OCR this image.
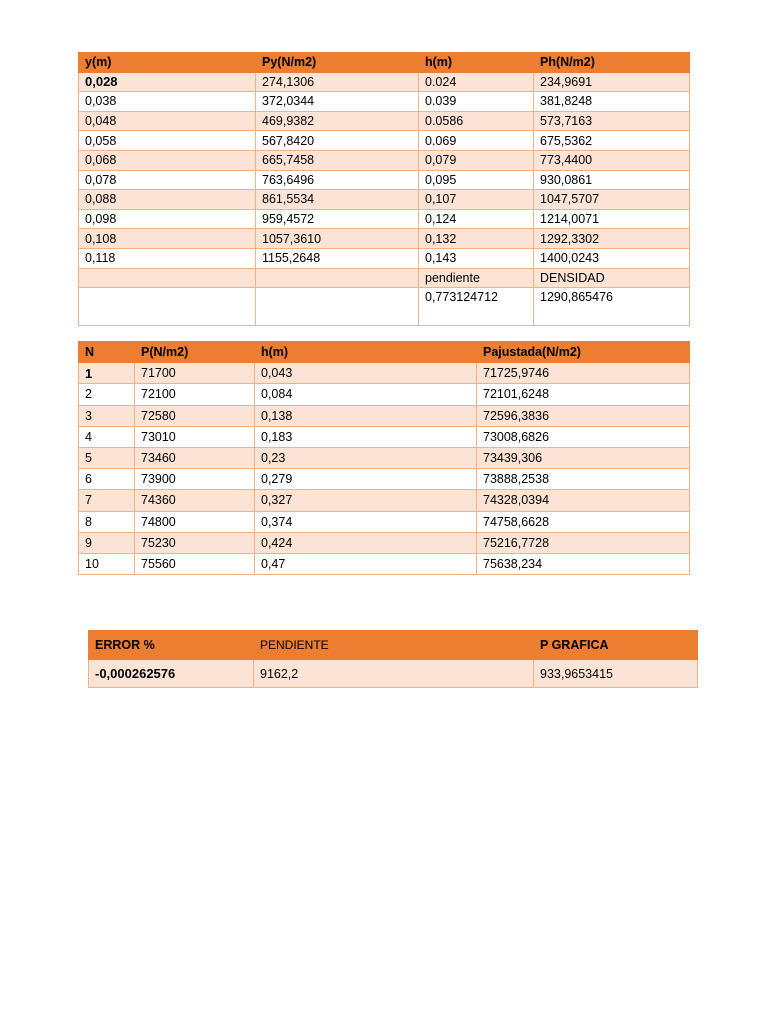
y(m)	Py(N/m2)	h(m)	Ph(N/m2)
0,028	274,1306	0.024	234,9691
0,038	372,0344	0.039	381,8248
0,048	469,9382	0.0586	573,7163
0,058	567,8420	0.069	675,5362
0,068	665,7458	0,079	773,4400
0,078	763,6496	0,095	930,0861
0,088	861,5534	0,107	1047,5707
0,098	959,4572	0,124	1214,0071
0,108	1057,3610	0,132	1292,3302
0,118	1155,2648	0,143	1400,0243
		pendiente	DENSIDAD
		0,773124712	1290,865476
N	P(N/m2)	h(m)	Pajustada(N/m2)
1	71700	0,043	71725,9746
2	72100	0,084	72101,6248
3	72580	0,138	72596,3836
4	73010	0,183	73008,6826
5	73460	0,23	73439,306
6	73900	0,279	73888,2538
7	74360	0,327	74328,0394
8	74800	0,374	74758,6628
9	75230	0,424	75216,7728
10	75560	0,47	75638,234
ERROR %	PENDIENTE	P GRAFICA
-0,000262576	9162,2	933,9653415
